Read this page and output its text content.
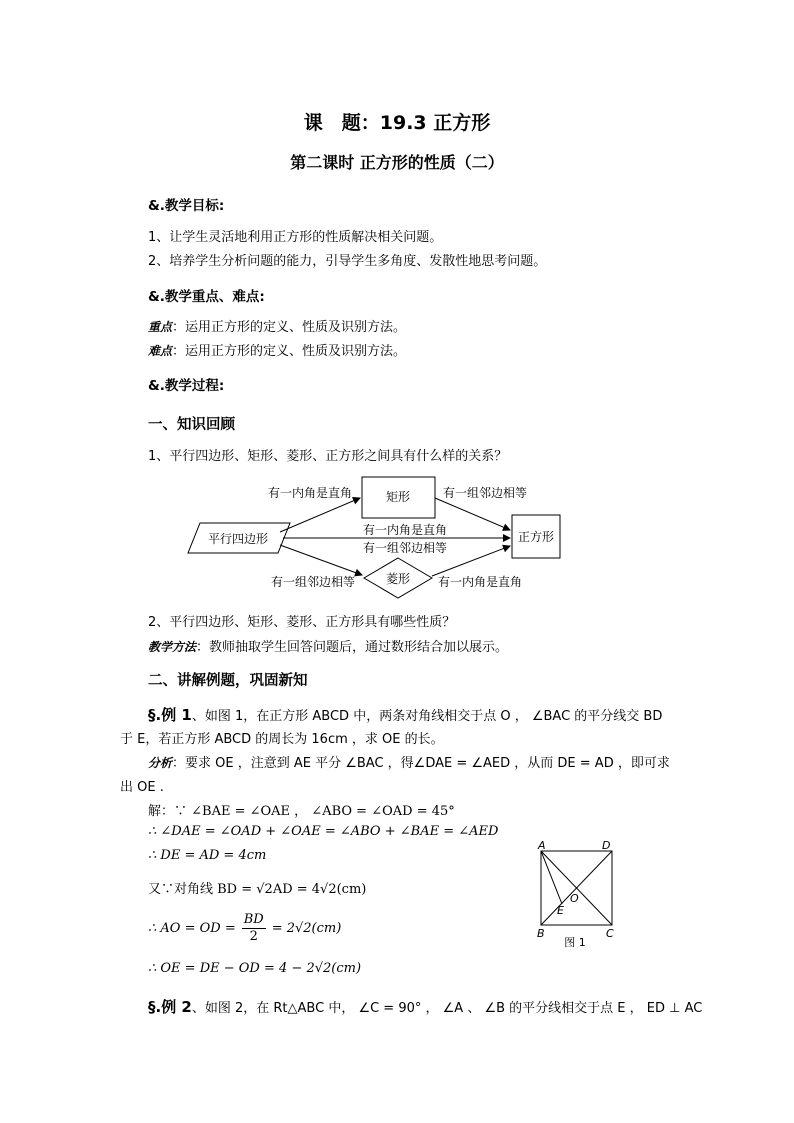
课　题：19.3 正方形
第二课时 正方形的性质（二）
&.教学目标:
1、让学生灵活地利用正方形的性质解决相关问题。
2、培养学生分析问题的能力，引导学生多角度、发散性地思考问题。
&.教学重点、难点:
重点：运用正方形的定义、性质及识别方法。
难点：运用正方形的定义、性质及识别方法。
&.教学过程:
一、知识回顾
1、平行四边形、矩形、菱形、正方形之间具有什么样的关系？
平行四边形
矩形
菱形
正方形
有一内角是直角	有一组邻边相等
有一内角是直角
有一组邻边相等
有一组邻边相等	有一内角是直角
2、平行四边形、矩形、菱形、正方形具有哪些性质？
教学方法：教师抽取学生回答问题后，通过数形结合加以展示。
二、讲解例题，巩固新知
§.例 1、如图 1，在正方形 ABCD 中，两条对角线相交于点 O ， ∠BAC 的平分线交 BD
于 E，若正方形 ABCD 的周长为 16cm ，求 OE 的长。
分析：要求 OE ，注意到 AE 平分 ∠BAC ，得∠DAE = ∠AED ，从而 DE = AD ，即可求
出 OE .
解：∵ ∠BAE = ∠OAE ， ∠ABO = ∠OAD = 45°
∴ ∠DAE = ∠OAD + ∠OAE = ∠ABO + ∠BAE = ∠AED
∴ DE = AD = 4cm
又∵对角线 BD = √2AD = 4√2(cm)
∴ AO = OD = $\frac{BD}{2} = 2√2(cm)$
∴ OE = DE − OD = 4 − 2√2(cm)
§.例 2、如图 2，在 Rt△ABC 中， ∠C = 90° ， ∠A 、 ∠B 的平分线相交于点 E ， ED ⊥ AC
A	D
B	C
O
E
图 1
